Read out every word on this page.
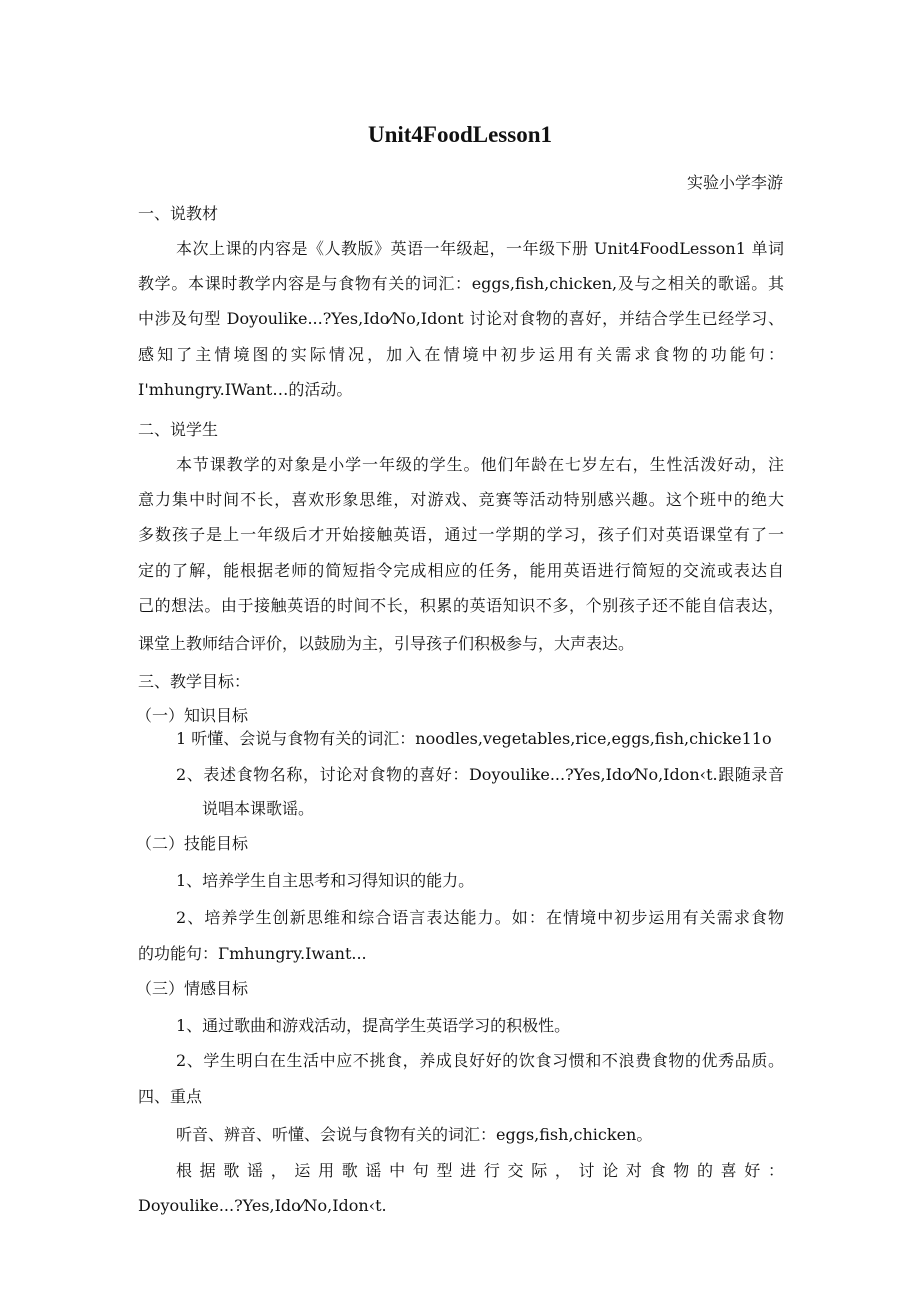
Unit4FoodLesson1
实验小学李游
一、说教材
本次上课的内容是《人教版》英语一年级起，一年级下册 Unit4FoodLesson1 单词
教学。本课时教学内容是与食物有关的词汇：eggs,fish,chicken,及与之相关的歌谣。其
中涉及句型 Doyoulike...?Yes,Ido⁄No,Idont 讨论对食物的喜好，并结合学生已经学习、
感知了主情境图的实际情况，加入在情境中初步运用有关需求食物的功能句：
I'mhungry.IWant…的活动。
二、说学生
本节课教学的对象是小学一年级的学生。他们年龄在七岁左右，生性活泼好动，注
意力集中时间不长，喜欢形象思维，对游戏、竞赛等活动特别感兴趣。这个班中的绝大
多数孩子是上一年级后才开始接触英语，通过一学期的学习，孩子们对英语课堂有了一
定的了解，能根据老师的简短指令完成相应的任务，能用英语进行简短的交流或表达自
己的想法。由于接触英语的时间不长，积累的英语知识不多，个别孩子还不能自信表达，
课堂上教师结合评价，以鼓励为主，引导孩子们积极参与，大声表达。
三、教学目标：
（一）知识目标
1 听懂、会说与食物有关的词汇：noodles,vegetables,rice,eggs,fish,chicke11o
2、表述食物名称，讨论对食物的喜好：Doyoulike...?Yes,Ido⁄No,Idon‹t.跟随录音
说唱本课歌谣。
（二）技能目标
1、培养学生自主思考和习得知识的能力。
2、培养学生创新思维和综合语言表达能力。如：在情境中初步运用有关需求食物
的功能句：Γmhungry.Iwant...
（三）情感目标
1、通过歌曲和游戏活动，提高学生英语学习的积极性。
2、学生明白在生活中应不挑食，养成良好好的饮食习惯和不浪费食物的优秀品质。
四、重点
听音、辨音、听懂、会说与食物有关的词汇：eggs,fish,chicken。
根据歌谣，运用歌谣中句型进行交际，讨论对食物的喜好：
Doyoulike...?Yes,Ido⁄No,Idon‹t.
